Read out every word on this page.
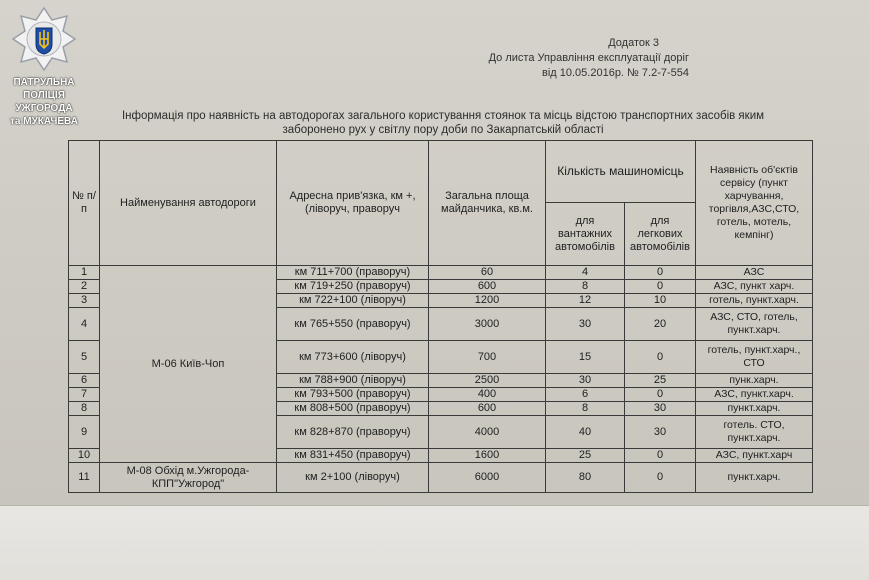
ПАТРУЛЬНА
ПОЛІЦІЯ
УЖГОРОДА
та МУКАЧЕВА
Додаток 3
До листа Управління експлуатації доріг
від 10.05.2016р. № 7.2-7-554
Інформація про наявність на автодорогах загального користування стоянок та місць відстою транспортних засобів яким
заборонено рух у світлу пору доби по Закарпатській області
№ п/п	Найменування автодороги	Адресна прив'язка, км +, (ліворуч, праворуч	Загальна площа майданчика, кв.м.	Кількість машиномісць		Наявність об'єктів сервісу (пункт харчування, торгівля,АЗС,СТО, готель, мотель, кемпінг)
				для вантажних автомобілів	для легкових автомобілів	
1	М-06 Київ-Чоп	км 711+700 (праворуч)	60	4	0	АЗС
2		км 719+250 (праворуч)	600	8	0	АЗС, пункт харч.
3		км 722+100 (ліворуч)	1200	12	10	готель, пункт.харч.
4		км 765+550 (праворуч)	3000	30	20	АЗС, СТО, готель, пункт.харч.
5		км 773+600 (ліворуч)	700	15	0	готель, пункт.харч., СТО
6		км 788+900 (ліворуч)	2500	30	25	пунк.харч.
7		км 793+500 (праворуч)	400	6	0	АЗС, пункт.харч.
8		км 808+500 (праворуч)	600	8	30	пункт.харч.
9		км 828+870 (праворуч)	4000	40	30	готель. СТО, пункт.харч.
10		км 831+450 (праворуч)	1600	25	0	АЗС, пункт.харч
11	М-08 Обхід м.Ужгорода-КПП"Ужгород"	км 2+100 (ліворуч)	6000	80	0	пункт.харч.
